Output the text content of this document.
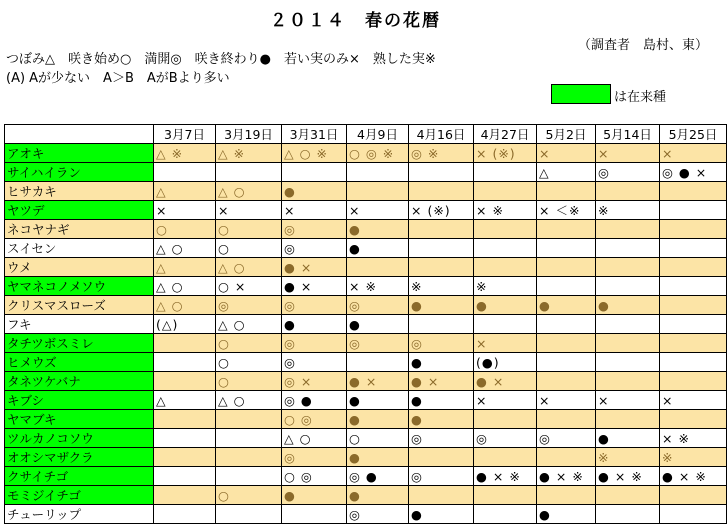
２０１４　春の花暦
（調査者　島村、東）
つぼみ△　咲き始め○　満開◎　咲き終わり●　若い実のみ×　熟した実※
(A) Aが少ない　A＞B　AがBより多い
は在来種
	3月7日	3月19日	3月31日	4月9日	4月16日	4月27日	5月2日	5月14日	5月25日
アオキ	△ ※	△ ※	△ ○ ※	○ ◎ ※	◎ ※	× (※)	×	×	×
サイハイラン							△	◎	◎ ● ×
ヒサカキ	△	△ ○	●						
ヤツデ	×	×	×	×	× (※)	× ※	× ＜※	※	
ネコヤナギ	○	○	◎	●					
スイセン	△ ○	○	◎	●					
ウメ	△	△ ○	● ×						
ヤマネコノメソウ	△ ○	○ ×	● ×	× ※	※	※			
クリスマスローズ	△ ○	◎	◎	◎	●	●	●	●	
フキ	(△)	△ ○	●	●					
タチツボスミレ		○	◎	◎	◎	×			
ヒメウズ		○	◎		●	(●)			
タネツケバナ		○	◎ ×	● ×	● ×	● ×			
キブシ	△	△ ○	◎ ●	●	●	×	×	×	×
ヤマブキ			○ ◎	●	●				
ツルカノコソウ			△ ○	○	◎	◎	◎	●	× ※
オオシマザクラ			◎	●				※	※
クサイチゴ			○ ◎	◎ ●	◎	● × ※	● × ※	● × ※	● × ※
モミジイチゴ		○	●	●					
チューリップ				◎	●		●		
